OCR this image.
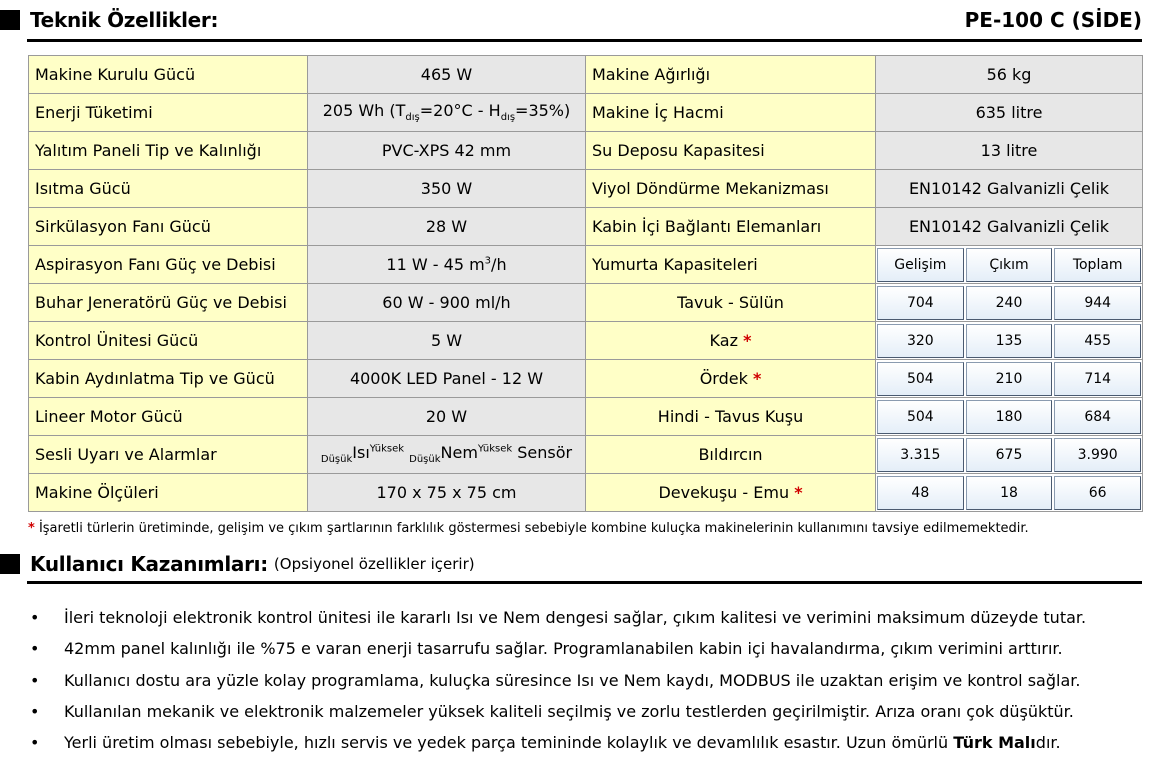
Teknik Özellikler:	PE-100 C (SİDE)
Makine Kurulu Gücü	465 W	Makine Ağırlığı	56 kg
Enerji Tüketimi	205 Wh $(T_{dış}=20^\circ C - H_{dış}=35\%)$	Makine İç Hacmi	635 litre
Yalıtım Paneli Tip ve Kalınlığı	PVC-XPS 42 mm	Su Deposu Kapasitesi	13 litre
Isıtma Gücü	350 W	Viyol Döndürme Mekanizması	EN10142 Galvanizli Çelik
Sirkülasyon Fanı Gücü	28 W	Kabin İçi Bağlantı Elemanları	EN10142 Galvanizli Çelik
Aspirasyon Fanı Güç ve Debisi	11 W - 45 $m^3/h$	Yumurta Kapasiteleri	Gelişim Çıkım Toplam

Buhar Jeneratörü Güç ve Debisi	60 W - 900 ml/h	Tavuk - Sülün	704 240 944

Kontrol Ünitesi Gücü	5 W	Kaz *	320 135 455

Kabin Aydınlatma Tip ve Gücü	4000K LED Panel - 12 W	Ördek *	504 210 714

Lineer Motor Gücü	20 W	Hindi - Tavus Kuşu	504 180 684

Sesli Uyarı ve Alarmlar	$_{Düşük}$Isı$^{Yüksek}$ $_{Düşük}$Nem$^{Yüksek}$ Sensör	Bıldırcın	3.315 675 3.990

Makine Ölçüleri	170 x 75 x 75 cm	Devekuşu - Emu *	48 18 66
* İşaretli türlerin üretiminde, gelişim ve çıkım şartlarının farklılık göstermesi sebebiyle kombine kuluçka makinelerinin kullanımını tavsiye edilmemektedir.
Kullanıcı Kazanımları: (Opsiyonel özellikler içerir)
•	İleri teknoloji elektronik kontrol ünitesi ile kararlı Isı ve Nem dengesi sağlar, çıkım kalitesi ve verimini maksimum düzeyde tutar.
•	42mm panel kalınlığı ile %75 e varan enerji tasarrufu sağlar. Programlanabilen kabin içi havalandırma, çıkım verimini arttırır.
•	Kullanıcı dostu ara yüzle kolay programlama, kuluçka süresince Isı ve Nem kaydı, MODBUS ile uzaktan erişim ve kontrol sağlar.
•	Kullanılan mekanik ve elektronik malzemeler yüksek kaliteli seçilmiş ve zorlu testlerden geçirilmiştir. Arıza oranı çok düşüktür.
•	Yerli üretim olması sebebiyle, hızlı servis ve yedek parça temininde kolaylık ve devamlılık esastır. Uzun ömürlü Türk Malıdır.
